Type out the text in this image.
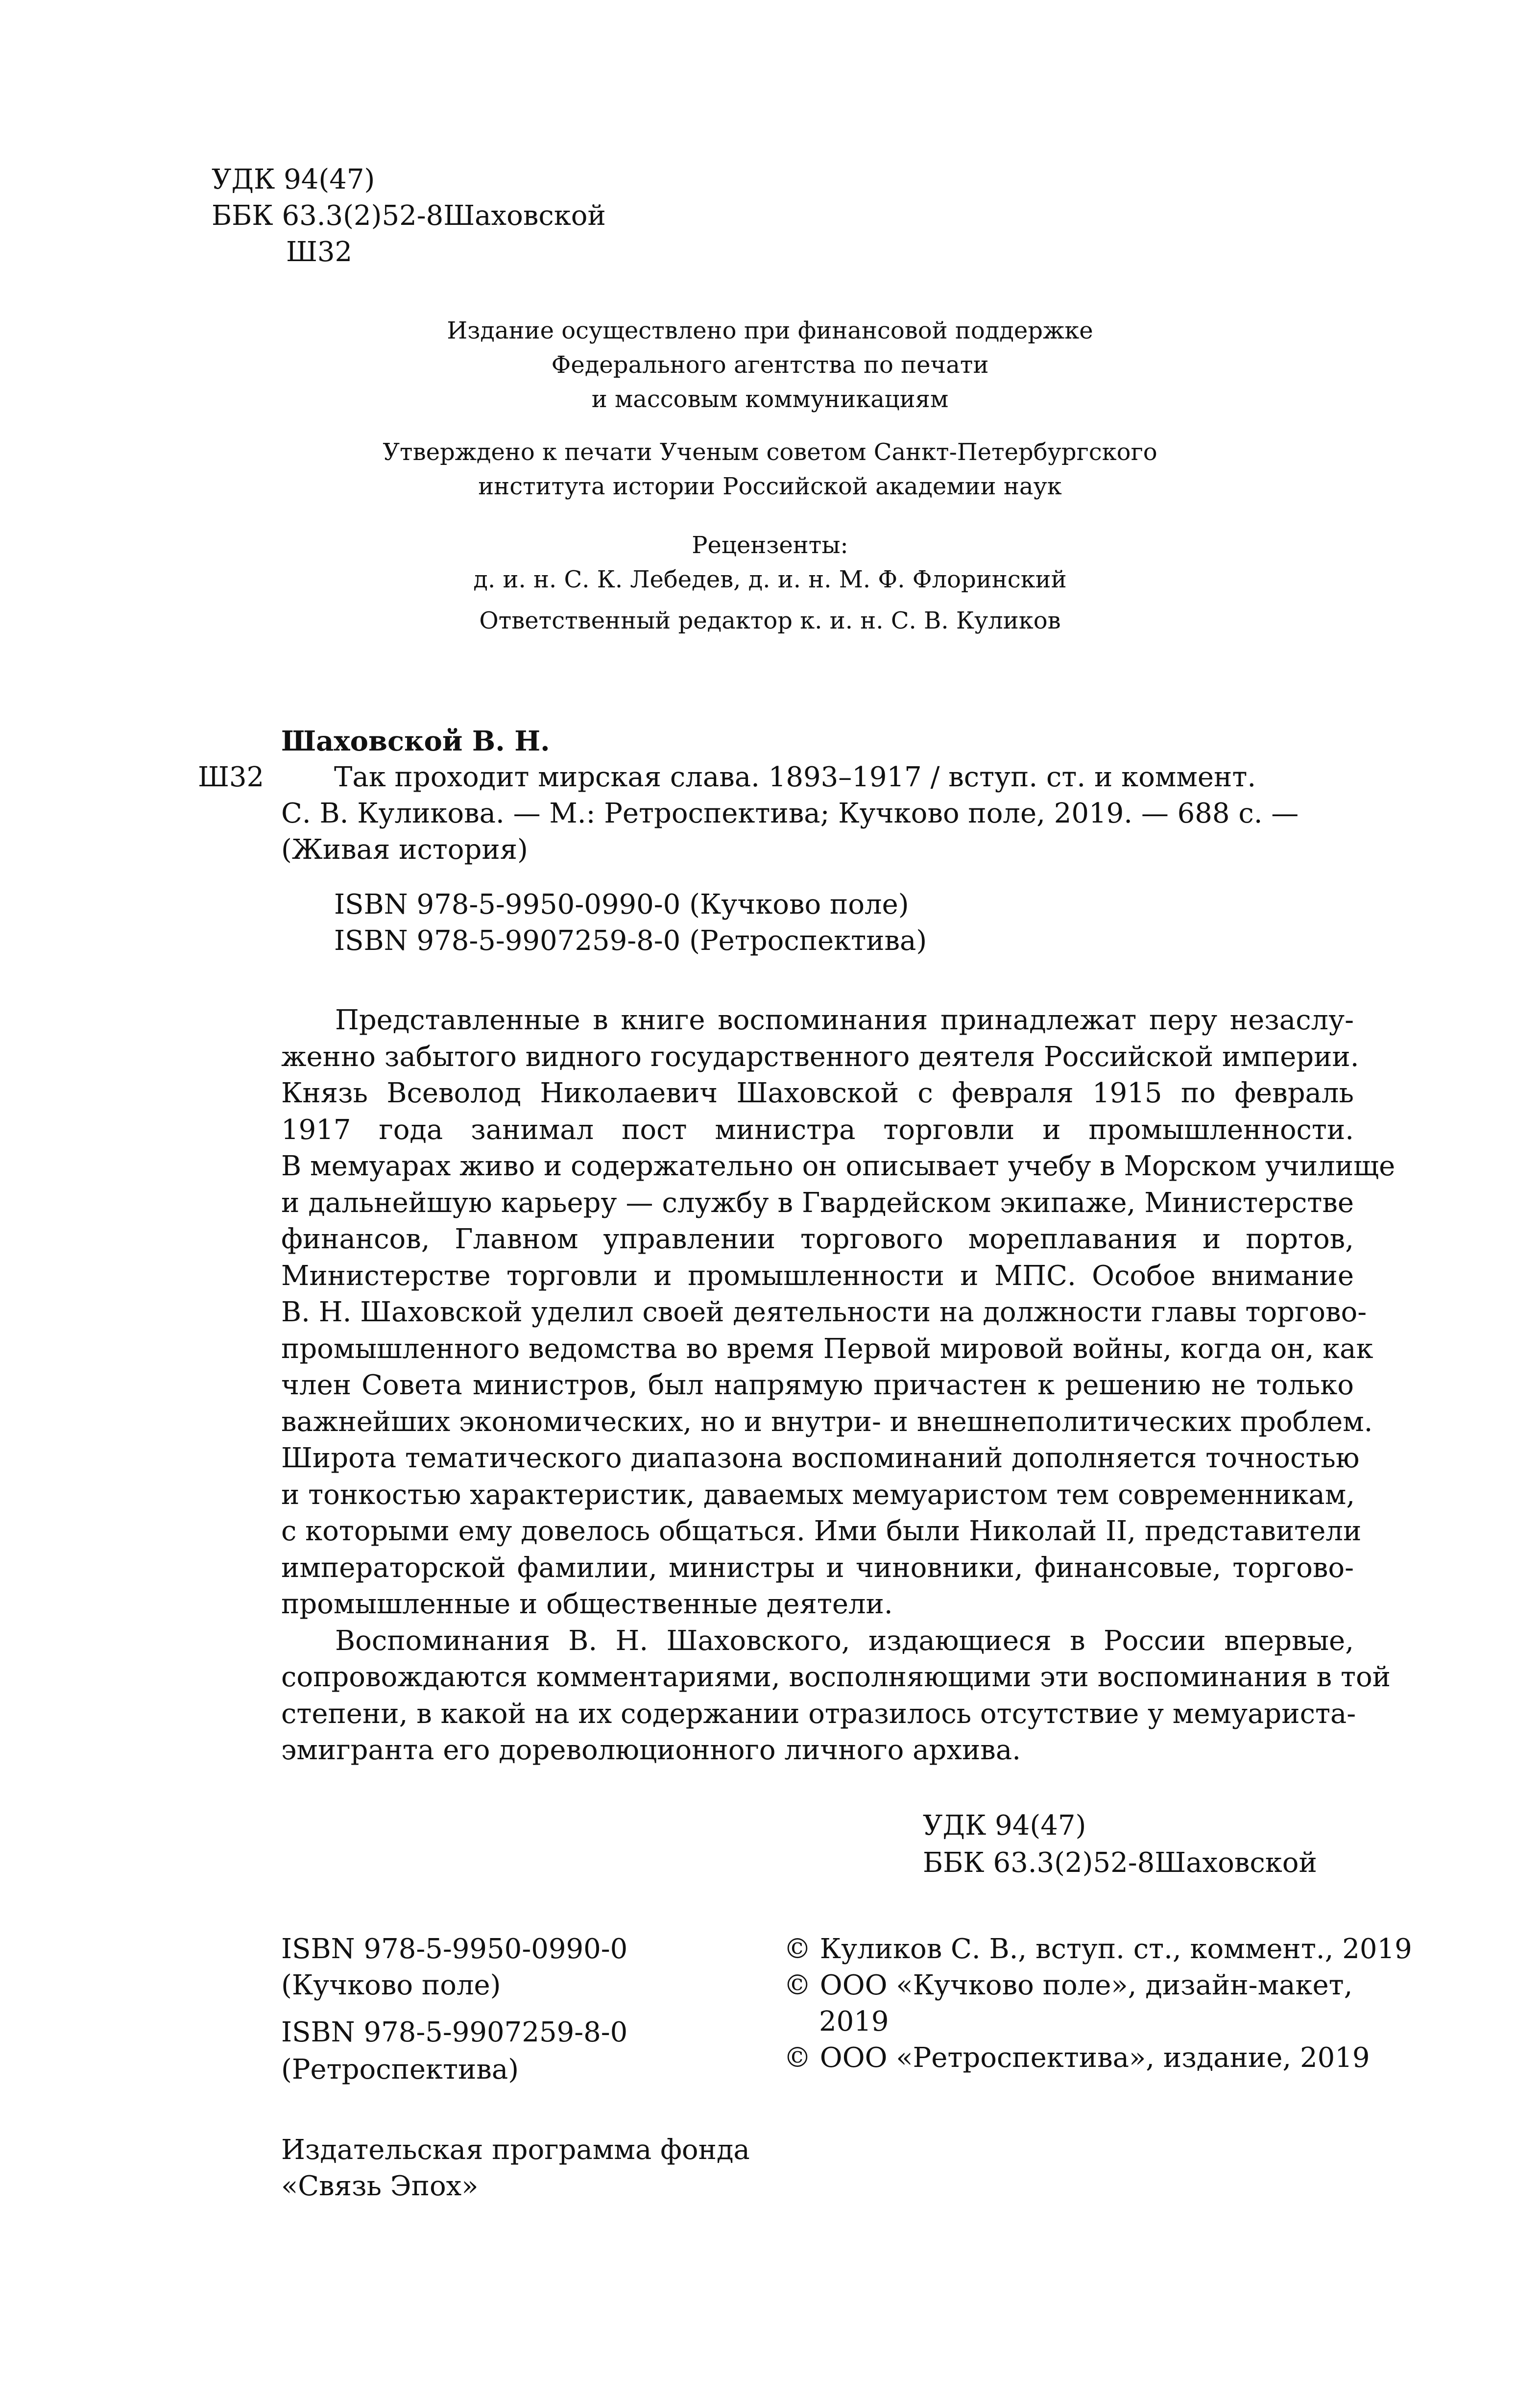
УДК 94(47)
ББК 63.3(2)52-8Шаховской
Ш32
Издание осуществлено при финансовой поддержке
Федерального агентства по печати
и массовым коммуникациям
Утверждено к печати Ученым советом Санкт-Петербургского
института истории Российской академии наук
Рецензенты:
д. и. н. С. К. Лебедев, д. и. н. М. Ф. Флоринский
Ответственный редактор к. и. н. С. В. Куликов
Шаховской В. Н.
Ш32	Так проходит мирская слава. 1893–1917 / вступ. ст. и коммент.
С. В. Куликова. — М.: Ретроспектива; Кучково поле, 2019. — 688 с. —
(Живая история)
ISBN 978-5-9950-0990-0 (Кучково поле)
ISBN 978-5-9907259-8-0 (Ретроспектива)
Представленные в книге воспоминания принадлежат перу незаслу-
женно забытого видного государственного деятеля Российской империи.
Князь Всеволод Николаевич Шаховской с февраля 1915 по февраль
1917 года занимал пост министра торговли и промышленности.
В мемуарах живо и содержательно он описывает учебу в Морском училище
и дальнейшую карьеру — службу в Гвардейском экипаже, Министерстве
финансов, Главном управлении торгового мореплавания и портов,
Министерстве торговли и промышленности и МПС. Особое внимание
В. Н. Шаховской уделил своей деятельности на должности главы торгово-
промышленного ведомства во время Первой мировой войны, когда он, как
член Совета министров, был напрямую причастен к решению не только
важнейших экономических, но и внутри- и внешнеполитических проблем.
Широта тематического диапазона воспоминаний дополняется точностью
и тонкостью характеристик, даваемых мемуаристом тем современникам,
с которыми ему довелось общаться. Ими были Николай II, представители
императорской фамилии, министры и чиновники, финансовые, торгово-
промышленные и общественные деятели.
Воспоминания В. Н. Шаховского, издающиеся в России впервые,
сопровождаются комментариями, восполняющими эти воспоминания в той
степени, в какой на их содержании отразилось отсутствие у мемуариста-
эмигранта его дореволюционного личного архива.
УДК 94(47)
ББК 63.3(2)52-8Шаховской
ISBN 978-5-9950-0990-0
(Кучково поле)
ISBN 978-5-9907259-8-0
(Ретроспектива)
© Куликов С. В., вступ. ст., коммент., 2019
© ООО «Кучково поле», дизайн-макет,
2019
© ООО «Ретроспектива», издание, 2019
Издательская программа фонда
«Связь Эпох»
